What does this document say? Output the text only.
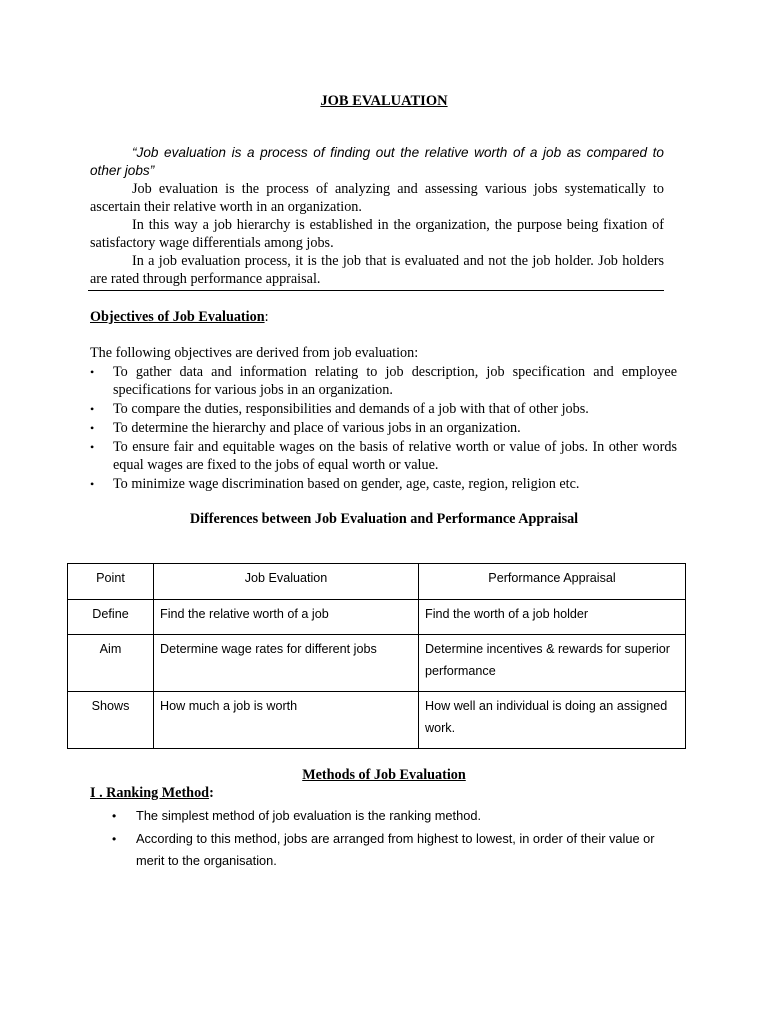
JOB EVALUATION

“Job evaluation is a process of finding out the relative worth of a job as compared to other jobs”

Job evaluation is the process of analyzing and assessing various jobs systematically to ascertain their relative worth in an organization.

In this way a job hierarchy is established in the organization, the purpose being fixation of satisfactory wage differentials among jobs.

In a job evaluation process, it is the job that is evaluated and not the job holder. Job holders are rated through performance appraisal.

Objectives of Job Evaluation:
The following objectives are derived from job evaluation:
• To gather data and information relating to job description, job specification and employee specifications for various jobs in an organization.
• To compare the duties, responsibilities and demands of a job with that of other jobs.
• To determine the hierarchy and place of various jobs in an organization.
• To ensure fair and equitable wages on the basis of relative worth or value of jobs. In other words equal wages are fixed to the jobs of equal worth or value.
• To minimize wage discrimination based on gender, age, caste, region, religion etc.
Differences between Job Evaluation and Performance Appraisal
Point	Job Evaluation	Performance Appraisal
Define	Find the relative worth of a job	Find the worth of a job holder
Aim	Determine wage rates for different jobs	Determine incentives & rewards for superior performance
Shows	How much a job is worth	How well an individual is doing an assigned work.
Methods of Job Evaluation
I . Ranking Method:
• The simplest method of job evaluation is the ranking method.
• According to this method, jobs are arranged from highest to lowest, in order of their value or merit to the organisation.
